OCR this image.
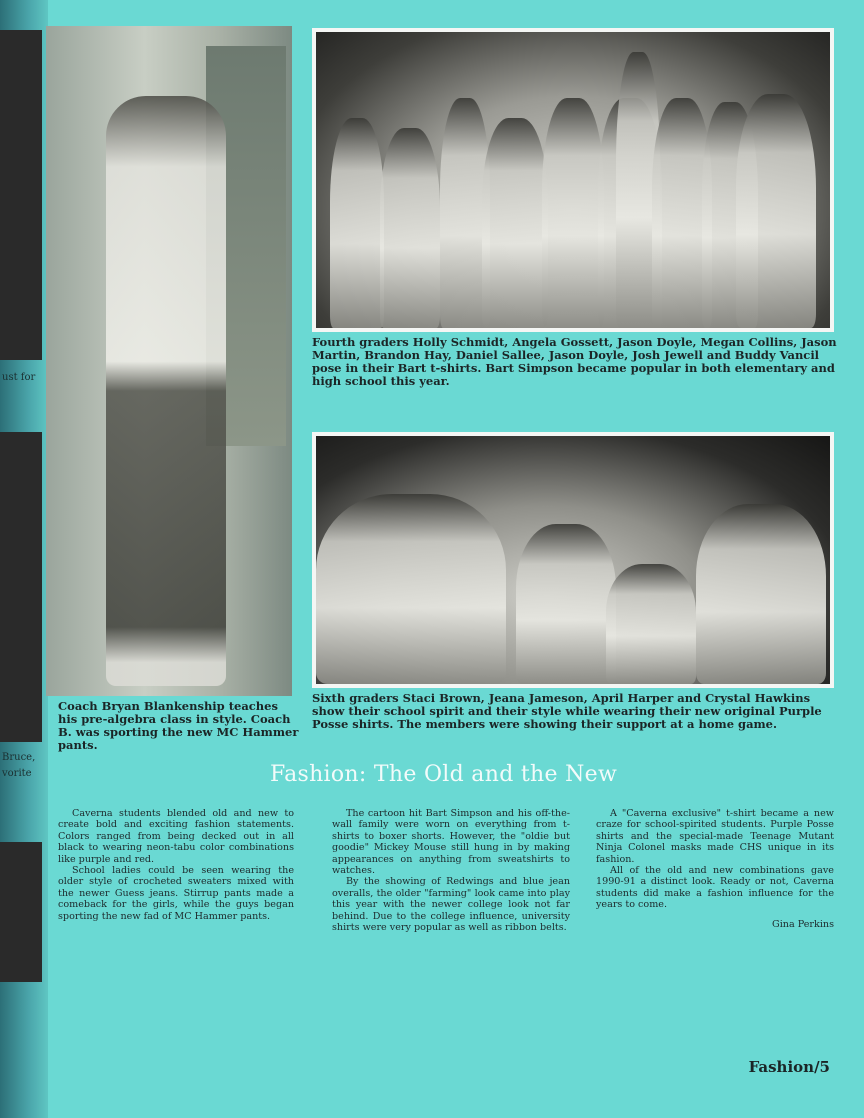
ust for
Bruce,
vorite

Fourth graders Holly Schmidt, Angela Gossett, Jason Doyle, Megan Collins, Jason Martin, Brandon Hay, Daniel Sallee, Jason Doyle, Josh Jewell and Buddy Vancil pose in their Bart t-shirts. Bart Simpson became popular in both elementary and high school this year.

Sixth graders Staci Brown, Jeana Jameson, April Harper and Crystal Hawkins show their school spirit and their style while wearing their new original Purple Posse shirts. The members were showing their support at a home game.

Coach Bryan Blankenship teaches his pre-algebra class in style. Coach B. was sporting the new MC Hammer pants.

Fashion: The Old and the New

Caverna students blended old and new to create bold and exciting fashion statements. Colors ranged from being decked out in all black to wearing neon-tabu color combinations like purple and red.

School ladies could be seen wearing the older style of crocheted sweaters mixed with the newer Guess jeans. Stirrup pants made a comeback for the girls, while the guys began sporting the new fad of MC Hammer pants.

The cartoon hit Bart Simpson and his off-the-wall family were worn on everything from t-shirts to boxer shorts. However, the "oldie but goodie" Mickey Mouse still hung in by making appearances on anything from sweatshirts to watches.

By the showing of Redwings and blue jean overalls, the older "farming" look came into play this year with the newer college look not far behind. Due to the college influence, university shirts were very popular as well as ribbon belts.

A "Caverna exclusive" t-shirt became a new craze for school-spirited students. Purple Posse shirts and the special-made Teenage Mutant Ninja Colonel masks made CHS unique in its fashion.

All of the old and new combinations gave 1990-91 a distinct look. Ready or not, Caverna students did make a fashion influence for the years to come.

Gina Perkins

Fashion/5
